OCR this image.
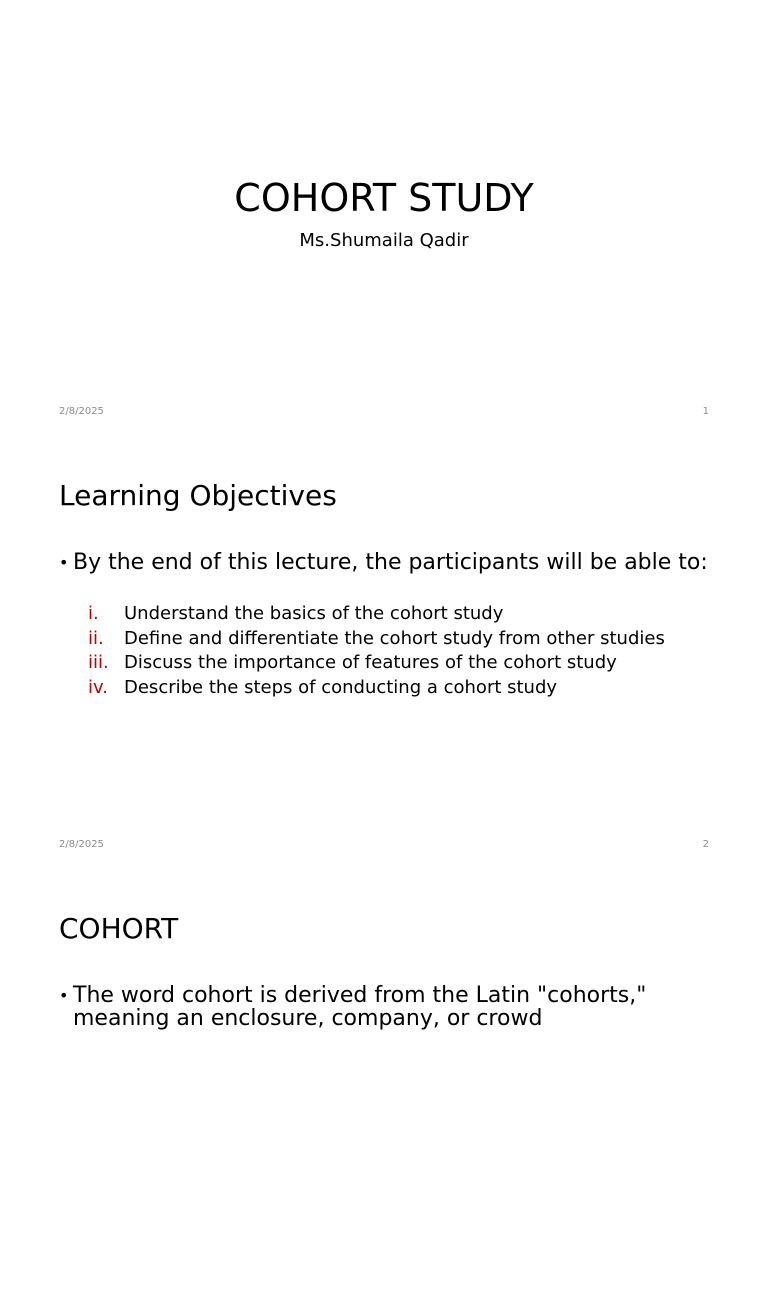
COHORT STUDY

Ms.Shumaila Qadir

2/8/2025	1
Learning Objectives

• By the end of this lecture, the participants will be able to:

i. Understand the basics of the cohort study
ii. Define and differentiate the cohort study from other studies
iii. Discuss the importance of features of the cohort study
iv. Describe the steps of conducting a cohort study
2/8/2025	2
COHORT

• The word cohort is derived from the Latin "cohorts," meaning an enclosure, company, or crowd
